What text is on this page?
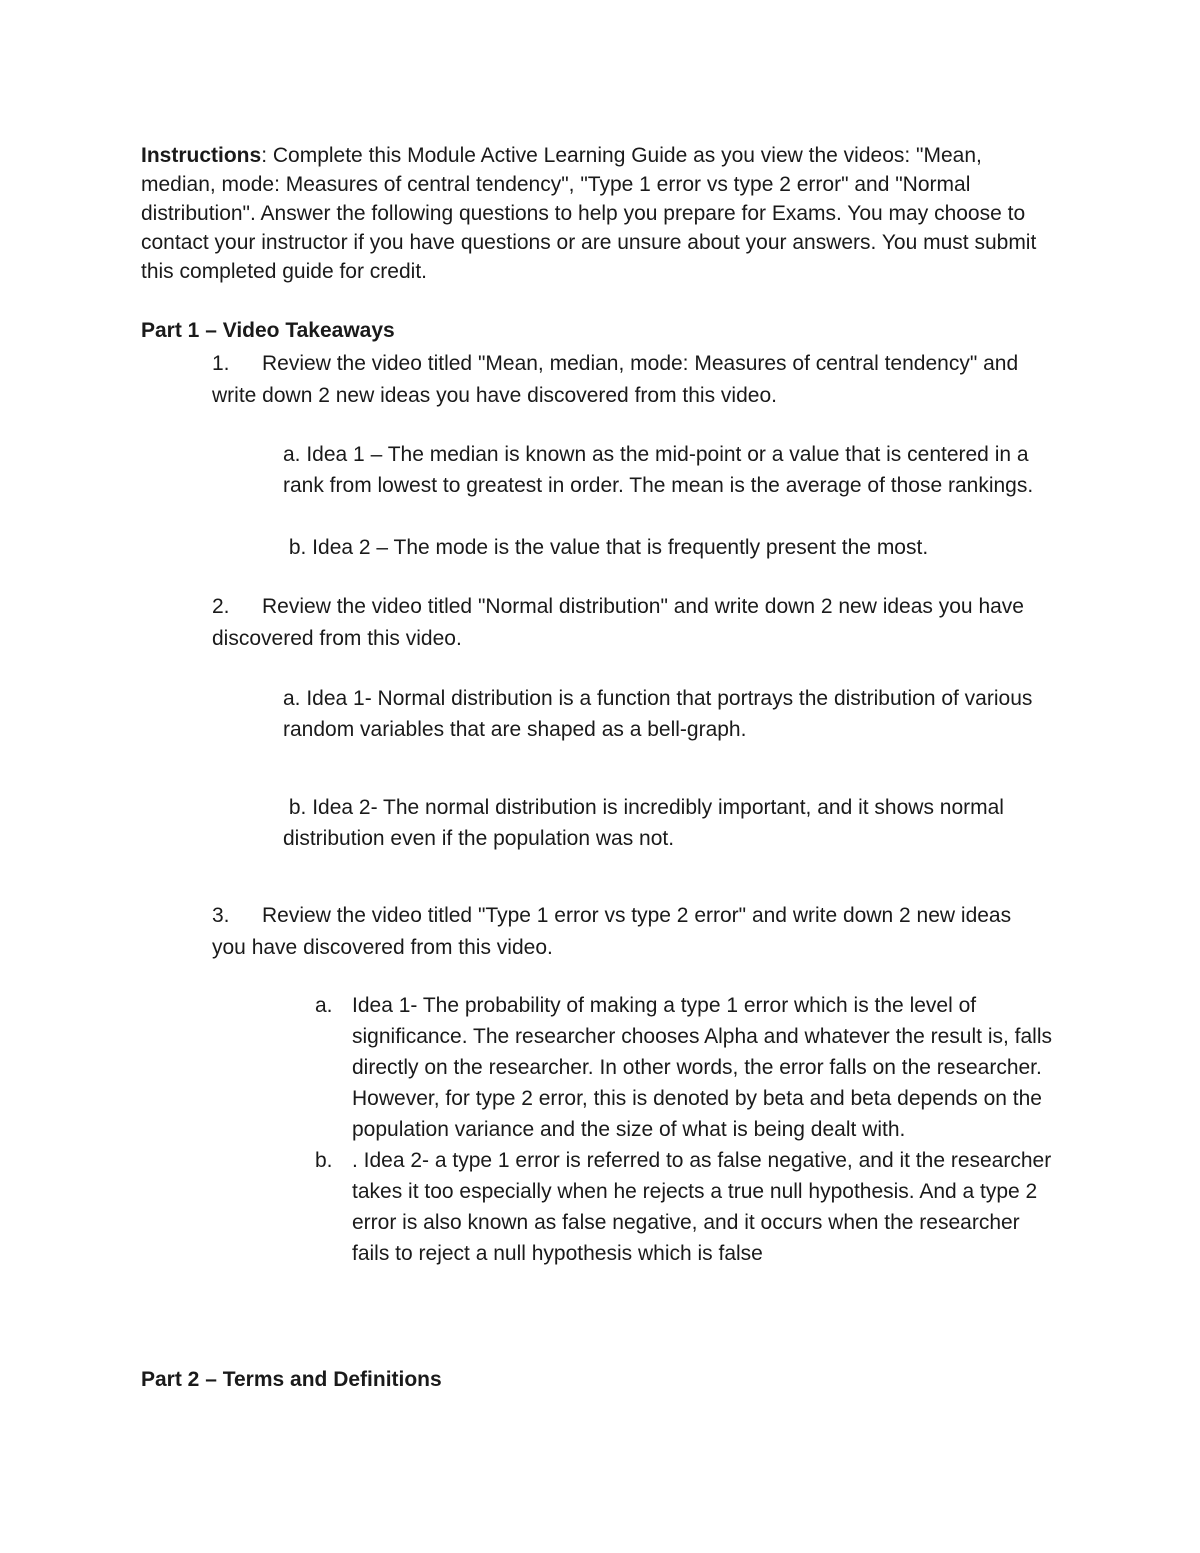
Instructions: Complete this Module Active Learning Guide as you view the videos: "Mean, median, mode: Measures of central tendency", "Type 1 error vs type 2 error" and "Normal distribution". Answer the following questions to help you prepare for Exams. You may choose to contact your instructor if you have questions or are unsure about your answers. You must submit this completed guide for credit.

Part 1 – Video Takeaways

1. Review the video titled "Mean, median, mode: Measures of central tendency" and write down 2 new ideas you have discovered from this video.

a. Idea 1 – The median is known as the mid-point or a value that is centered in a rank from lowest to greatest in order. The mean is the average of those rankings.

b. Idea 2 – The mode is the value that is frequently present the most.

2. Review the video titled "Normal distribution" and write down 2 new ideas you have discovered from this video.

a. Idea 1- Normal distribution is a function that portrays the distribution of various random variables that are shaped as a bell-graph.

b. Idea 2- The normal distribution is incredibly important, and it shows normal distribution even if the population was not.

3. Review the video titled "Type 1 error vs type 2 error" and write down 2 new ideas you have discovered from this video.

a. Idea 1- The probability of making a type 1 error which is the level of significance. The researcher chooses Alpha and whatever the result is, falls directly on the researcher. In other words, the error falls on the researcher. However, for type 2 error, this is denoted by beta and beta depends on the population variance and the size of what is being dealt with.
b. . Idea 2- a type 1 error is referred to as false negative, and it the researcher takes it too especially when he rejects a true null hypothesis. And a type 2 error is also known as false negative, and it occurs when the researcher fails to reject a null hypothesis which is false
Part 2 – Terms and Definitions
